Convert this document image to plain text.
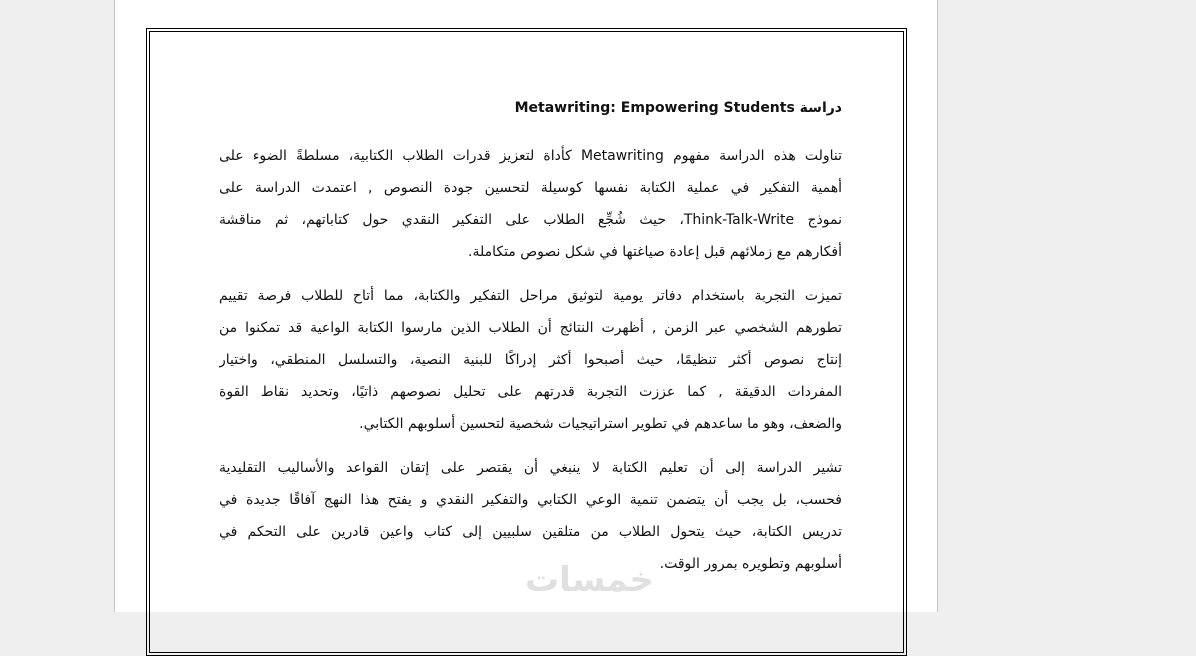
دراسة Metawriting: Empowering Students
تناولت هذه الدراسة مفهوم Metawriting كأداة لتعزيز قدرات الطلاب الكتابية، مسلطةً الضوء على
أهمية التفكير في عملية الكتابة نفسها كوسيلة لتحسين جودة النصوص , اعتمدت الدراسة على
نموذج Think-Talk-Write، حيث شُجِّع الطلاب على التفكير النقدي حول كتاباتهم، ثم مناقشة
أفكارهم مع زملائهم قبل إعادة صياغتها في شكل نصوص متكاملة.
تميزت التجربة باستخدام دفاتر يومية لتوثيق مراحل التفكير والكتابة، مما أتاح للطلاب فرصة تقييم
تطورهم الشخصي عبر الزمن , أظهرت النتائج أن الطلاب الذين مارسوا الكتابة الواعية قد تمكنوا من
إنتاج نصوص أكثر تنظيمًا، حيث أصبحوا أكثر إدراكًا للبنية النصية، والتسلسل المنطقي، واختيار
المفردات الدقيقة , كما عززت التجربة قدرتهم على تحليل نصوصهم ذاتيًا، وتحديد نقاط القوة
والضعف، وهو ما ساعدهم في تطوير استراتيجيات شخصية لتحسين أسلوبهم الكتابي.
تشير الدراسة إلى أن تعليم الكتابة لا ينبغي أن يقتصر على إتقان القواعد والأساليب التقليدية
فحسب، بل يجب أن يتضمن تنمية الوعي الكتابي والتفكير النقدي و يفتح هذا النهج آفاقًا جديدة في
تدريس الكتابة، حيث يتحول الطلاب من متلقين سلبيين إلى كتاب واعين قادرين على التحكم في
أسلوبهم وتطويره بمرور الوقت.
خمسات
